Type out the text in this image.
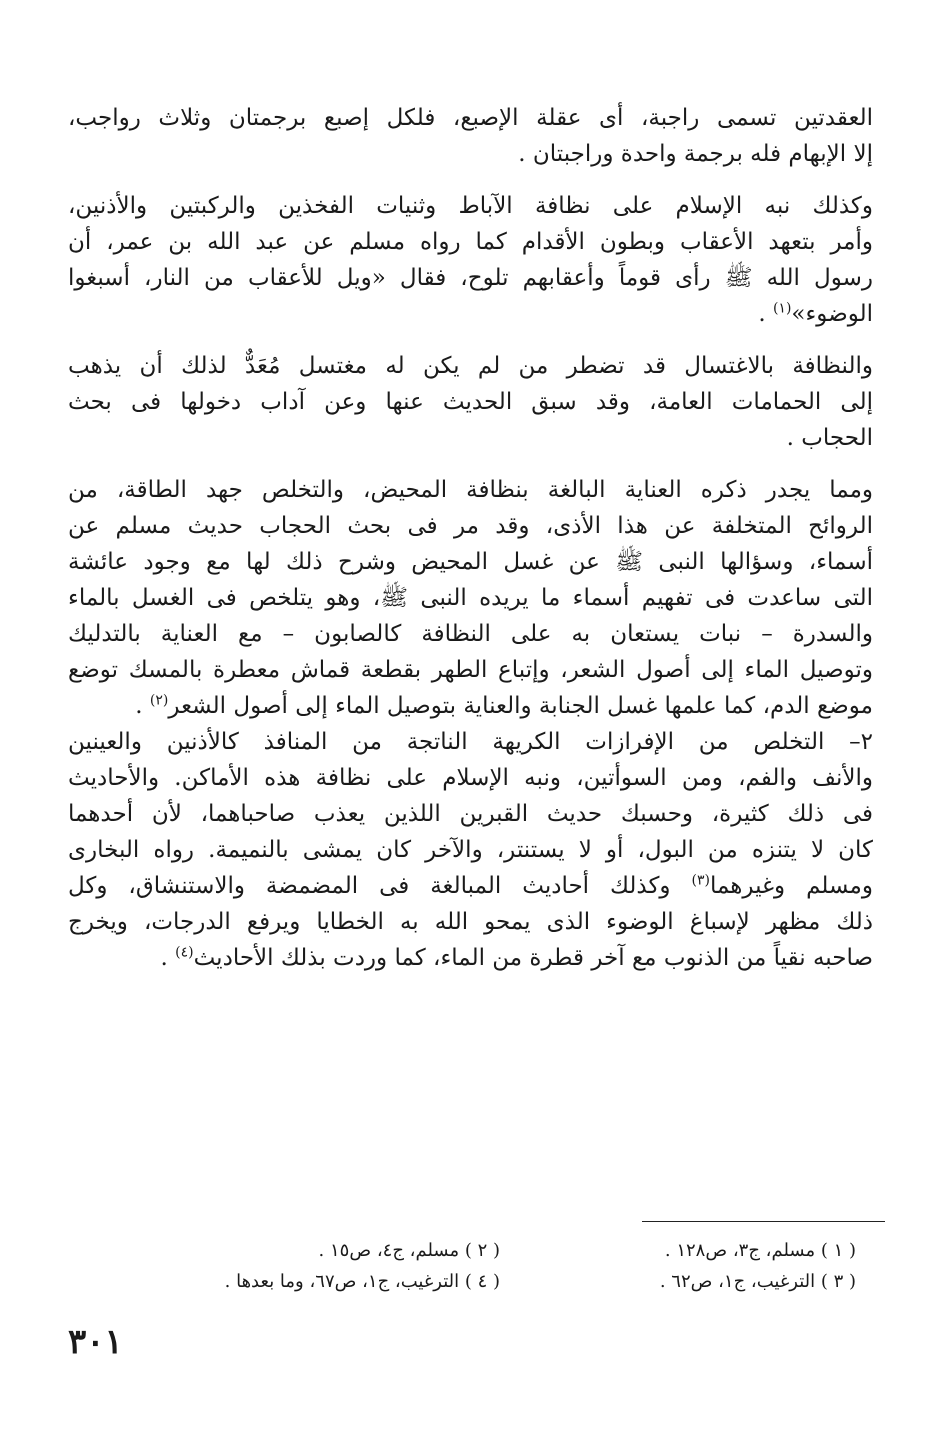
العقدتين تسمى راجبة، أى عقلة الإصبع، فلكل إصبع برجمتان وثلاث رواجب،
إلا الإبهام فله برجمة واحدة وراجبتان .
وكذلك نبه الإسلام على نظافة الآباط وثنيات الفخذين والركبتين والأذنين،
وأمر بتعهد الأعقاب وبطون الأقدام كما رواه مسلم عن عبد الله بن عمر، أن
رسول الله ﷺ رأى قوماً وأعقابهم تلوح، فقال «ويل للأعقاب من النار، أسبغوا
الوضوء»$^{(١)}$ .
والنظافة بالاغتسال قد تضطر من لم يكن له مغتسل مُعَدٌّ لذلك أن يذهب
إلى الحمامات العامة، وقد سبق الحديث عنها وعن آداب دخولها فى بحث
الحجاب .
ومما يجدر ذكره العناية البالغة بنظافة المحيض، والتخلص جهد الطاقة، من
الروائح المتخلفة عن هذا الأذى، وقد مر فى بحث الحجاب حديث مسلم عن
أسماء، وسؤالها النبى ﷺ عن غسل المحيض وشرح ذلك لها مع وجود عائشة
التى ساعدت فى تفهيم أسماء ما يريده النبى ﷺ، وهو يتلخص فى الغسل بالماء
والسدرة – نبات يستعان به على النظافة كالصابون – مع العناية بالتدليك
وتوصيل الماء إلى أصول الشعر، وإتباع الطهر بقطعة قماش معطرة بالمسك توضع
موضع الدم، كما علمها غسل الجنابة والعناية بتوصيل الماء إلى أصول الشعر$^{(٢)}$ .
٢– التخلص من الإفرازات الكريهة الناتجة من المنافذ كالأذنين والعينين
والأنف والفم، ومن السوأتين، ونبه الإسلام على نظافة هذه الأماكن. والأحاديث
فى ذلك كثيرة، وحسبك حديث القبرين اللذين يعذب صاحباهما، لأن أحدهما
كان لا يتنزه من البول، أو لا يستنتر، والآخر كان يمشى بالنميمة. رواه البخارى
ومسلم وغيرهما$^{(٣)}$ وكذلك أحاديث المبالغة فى المضمضة والاستنشاق، وكل
ذلك مظهر لإسباغ الوضوء الذى يمحو الله به الخطايا ويرفع الدرجات، ويخرج
صاحبه نقياً من الذنوب مع آخر قطرة من الماء، كما وردت بذلك الأحاديث$^{(٤)}$ .
( ١ ) مسلم، ج٣، ص١٢٨ .
( ٢ ) مسلم، ج٤، ص١٥ .
( ٣ ) الترغيب، ج١، ص٦٢ .
( ٤ ) الترغيب، ج١، ص٦٧، وما بعدها .
٣٠١
